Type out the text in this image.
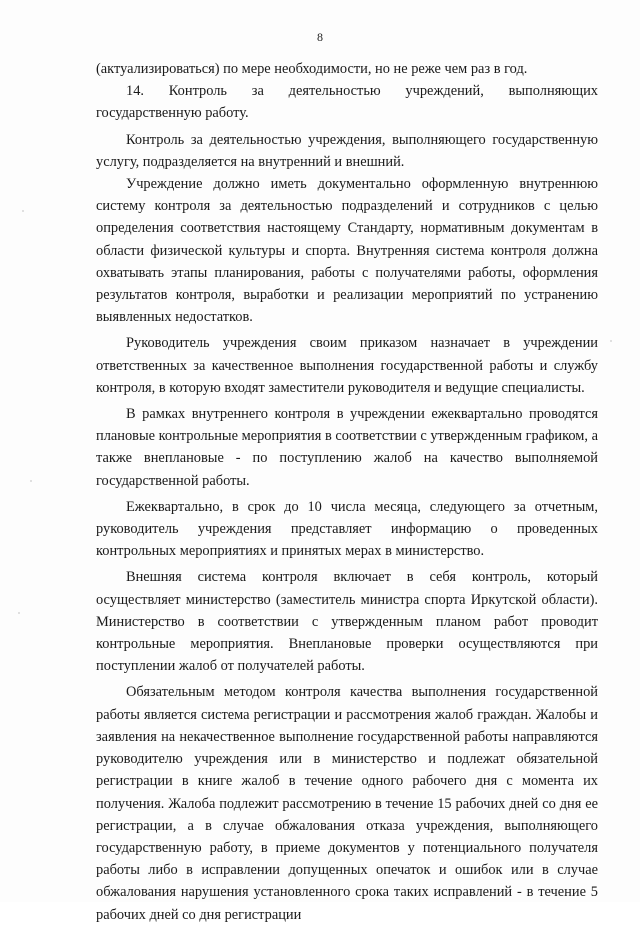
8

(актуализироваться) по мере необходимости, но не реже чем раз в год.

14. Контроль за деятельностью учреждений, выполняющих государственную работу.

Контроль за деятельностью учреждения, выполняющего государственную услугу, подразделяется на внутренний и внешний.

Учреждение должно иметь документально оформленную внутреннюю систему контроля за деятельностью подразделений и сотрудников с целью определения соответствия настоящему Стандарту, нормативным документам в области физической культуры и спорта. Внутренняя система контроля должна охватывать этапы планирования, работы с получателями работы, оформления результатов контроля, выработки и реализации мероприятий по устранению выявленных недостатков.

Руководитель учреждения своим приказом назначает в учреждении ответственных за качественное выполнения государственной работы и службу контроля, в которую входят заместители руководителя и ведущие специалисты.

В рамках внутреннего контроля в учреждении ежеквартально проводятся плановые контрольные мероприятия в соответствии с утвержденным графиком, а также внеплановые - по поступлению жалоб на качество выполняемой государственной работы.

Ежеквартально, в срок до 10 числа месяца, следующего за отчетным, руководитель учреждения представляет информацию о проведенных контрольных мероприятиях и принятых мерах в министерство.

Внешняя система контроля включает в себя контроль, который осуществляет министерство (заместитель министра спорта Иркутской области). Министерство в соответствии с утвержденным планом работ проводит контрольные мероприятия. Внеплановые проверки осуществляются при поступлении жалоб от получателей работы.

Обязательным методом контроля качества выполнения государственной работы является система регистрации и рассмотрения жалоб граждан. Жалобы и заявления на некачественное выполнение государственной работы направляются руководителю учреждения или в министерство и подлежат обязательной регистрации в книге жалоб в течение одного рабочего дня с момента их получения. Жалоба подлежит рассмотрению в течение 15 рабочих дней со дня ее регистрации, а в случае обжалования отказа учреждения, выполняющего государственную работу, в приеме документов у потенциального получателя работы либо в исправлении допущенных опечаток и ошибок или в случае обжалования нарушения установленного срока таких исправлений - в течение 5 рабочих дней со дня регистрации
